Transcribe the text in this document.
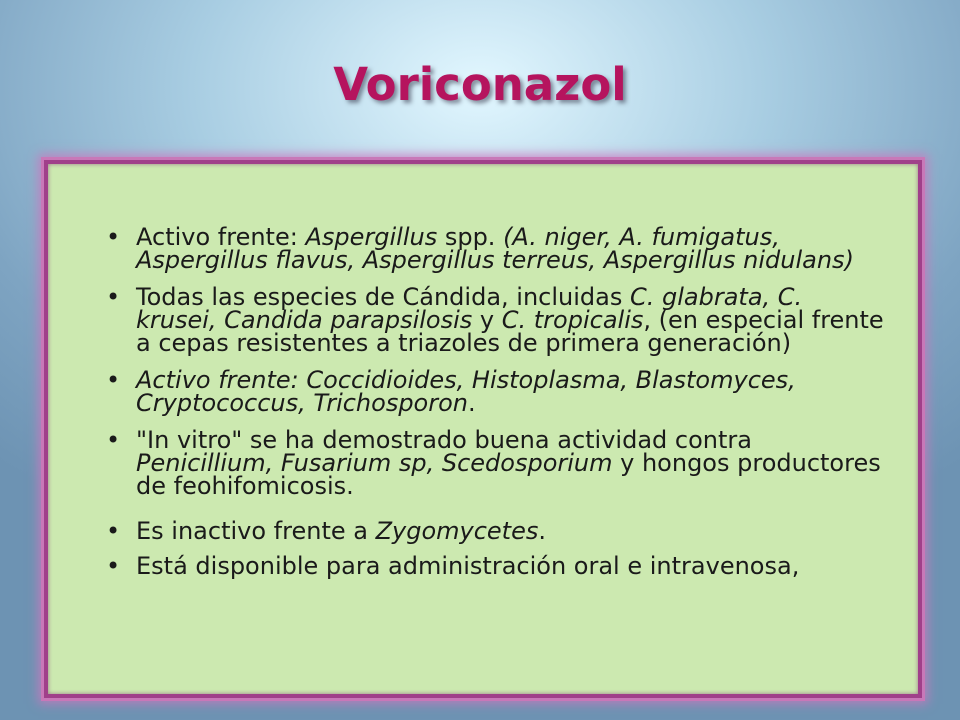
Voriconazol
• Activo frente: Aspergillus spp. (A. niger, A. fumigatus, Aspergillus flavus, Aspergillus terreus, Aspergillus nidulans)
• Todas las especies de Cándida, incluidas C. glabrata, C. krusei, Candida parapsilosis y C. tropicalis, (en especial frente a cepas resistentes a triazoles de primera generación)
• Activo frente: Coccidioides, Histoplasma, Blastomyces, Cryptococcus, Trichosporon.
• "In vitro" se ha demostrado buena actividad contra Penicillium, Fusarium sp, Scedosporium y hongos productores de feohifomicosis.
• Es inactivo frente a Zygomycetes.
• Está disponible para administración oral e intravenosa,
